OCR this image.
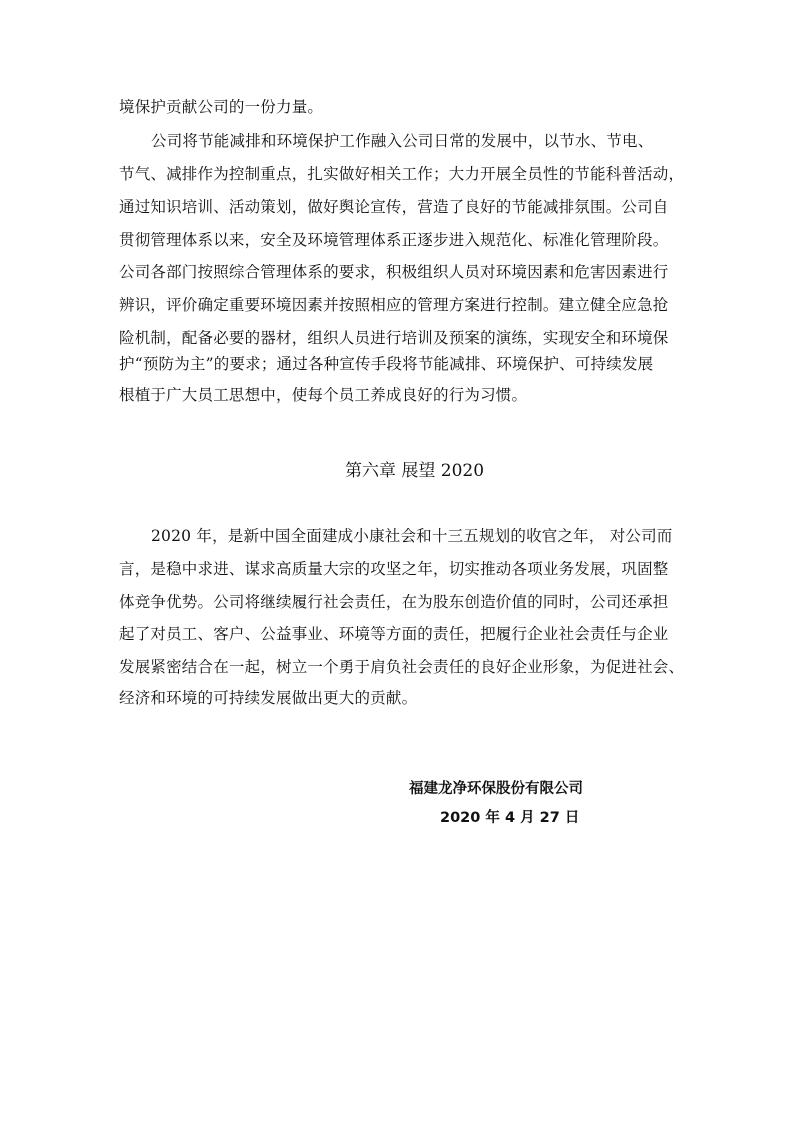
境保护贡献公司的一份力量。
公司将节能减排和环境保护工作融入公司日常的发展中，以节水、节电、
节气、减排作为控制重点，扎实做好相关工作；大力开展全员性的节能科普活动，
通过知识培训、活动策划，做好舆论宣传，营造了良好的节能减排氛围。公司自
贯彻管理体系以来，安全及环境管理体系正逐步进入规范化、标准化管理阶段。
公司各部门按照综合管理体系的要求，积极组织人员对环境因素和危害因素进行
辨识，评价确定重要环境因素并按照相应的管理方案进行控制。建立健全应急抢
险机制，配备必要的器材，组织人员进行培训及预案的演练，实现安全和环境保
护“预防为主”的要求；通过各种宣传手段将节能减排、环境保护、可持续发展
根植于广大员工思想中，使每个员工养成良好的行为习惯。
第六章 展望 2020
2020 年，是新中国全面建成小康社会和十三五规划的收官之年， 对公司而
言，是稳中求进、谋求高质量大宗的攻坚之年，切实推动各项业务发展，巩固整
体竞争优势。公司将继续履行社会责任，在为股东创造价值的同时，公司还承担
起了对员工、客户、公益事业、环境等方面的责任，把履行企业社会责任与企业
发展紧密结合在一起，树立一个勇于肩负社会责任的良好企业形象，为促进社会、
经济和环境的可持续发展做出更大的贡献。
福建龙净环保股份有限公司
2020 年 4 月 27 日
